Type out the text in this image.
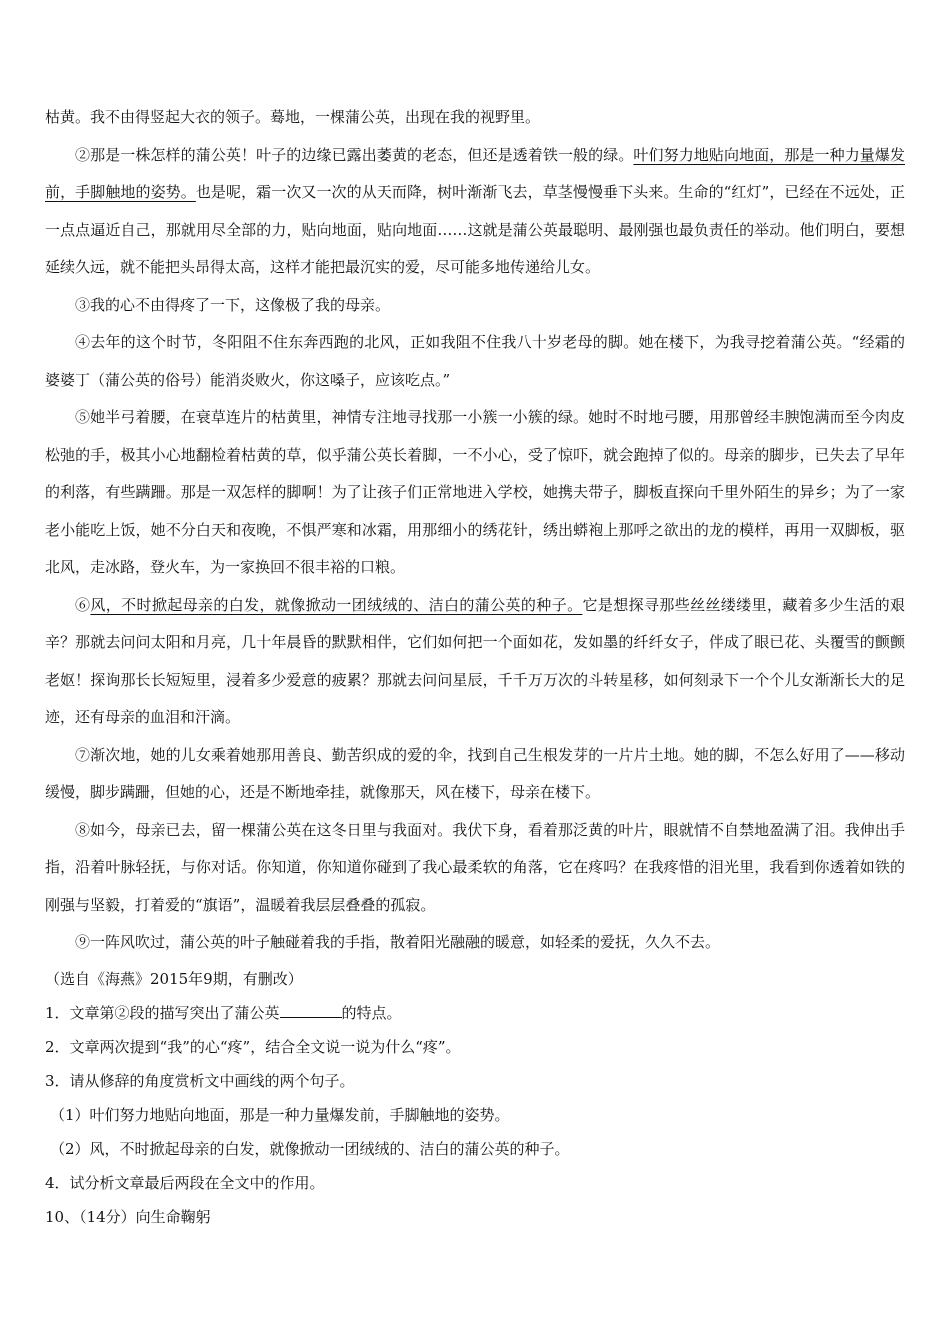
枯黄。我不由得竖起大衣的领子。蓦地，一棵蒲公英，出现在我的视野里。

②那是一株怎样的蒲公英！叶子的边缘已露出萎黄的老态，但还是透着铁一般的绿。叶们努力地贴向地面，那是一种力量爆发前，手脚触地的姿势。也是呢，霜一次又一次的从天而降，树叶渐渐飞去，草茎慢慢垂下头来。生命的“红灯”，已经在不远处，正一点点逼近自己，那就用尽全部的力，贴向地面，贴向地面……这就是蒲公英最聪明、最刚强也最负责任的举动。他们明白，要想延续久远，就不能把头昂得太高，这样才能把最沉实的爱，尽可能多地传递给儿女。

③我的心不由得疼了一下，这像极了我的母亲。

④去年的这个时节，冬阳阻不住东奔西跑的北风，正如我阻不住我八十岁老母的脚。她在楼下，为我寻挖着蒲公英。“经霜的婆婆丁（蒲公英的俗号）能消炎败火，你这嗓子，应该吃点。”

⑤她半弓着腰，在衰草连片的枯黄里，神情专注地寻找那一小簇一小簇的绿。她时不时地弓腰，用那曾经丰腴饱满而至今肉皮松弛的手，极其小心地翻检着枯黄的草，似乎蒲公英长着脚，一不小心，受了惊吓，就会跑掉了似的。母亲的脚步，已失去了早年的利落，有些蹒跚。那是一双怎样的脚啊！为了让孩子们正常地进入学校，她携夫带子，脚板直探向千里外陌生的异乡；为了一家老小能吃上饭，她不分白天和夜晚，不惧严寒和冰霜，用那细小的绣花针，绣出蟒袍上那呼之欲出的龙的模样，再用一双脚板，驱北风，走冰路，登火车，为一家换回不很丰裕的口粮。

⑥风，不时掀起母亲的白发，就像掀动一团绒绒的、洁白的蒲公英的种子。它是想探寻那些丝丝缕缕里，藏着多少生活的艰辛？那就去问问太阳和月亮，几十年晨昏的默默相伴，它们如何把一个面如花，发如墨的纤纤女子，伴成了眼已花、头覆雪的颤颤老妪！探询那长长短短里，浸着多少爱意的疲累？那就去问问星辰，千千万万次的斗转星移，如何刻录下一个个儿女渐渐长大的足迹，还有母亲的血泪和汗滴。

⑦渐次地，她的儿女乘着她那用善良、勤苦织成的爱的伞，找到自己生根发芽的一片片土地。她的脚，不怎么好用了——移动缓慢，脚步蹒跚，但她的心，还是不断地牵挂，就像那天，风在楼下，母亲在楼下。

⑧如今，母亲已去，留一棵蒲公英在这冬日里与我面对。我伏下身，看着那泛黄的叶片，眼就情不自禁地盈满了泪。我伸出手指，沿着叶脉轻抚，与你对话。你知道，你知道你碰到了我心最柔软的角落，它在疼吗？在我疼惜的泪光里，我看到你透着如铁的刚强与坚毅，打着爱的“旗语”，温暖着我层层叠叠的孤寂。

⑨一阵风吹过，蒲公英的叶子触碰着我的手指，散着阳光融融的暖意，如轻柔的爱抚，久久不去。

（选自《海燕》2015年9期，有删改）

1．文章第②段的描写突出了蒲公英	的特点。

2．文章两次提到“我”的心“疼”，结合全文说一说为什么“疼”。

3．请从修辞的角度赏析文中画线的两个句子。

（1）叶们努力地贴向地面，那是一种力量爆发前，手脚触地的姿势。

（2）风，不时掀起母亲的白发，就像掀动一团绒绒的、洁白的蒲公英的种子。

4．试分析文章最后两段在全文中的作用。

10、（14分）向生命鞠躬
